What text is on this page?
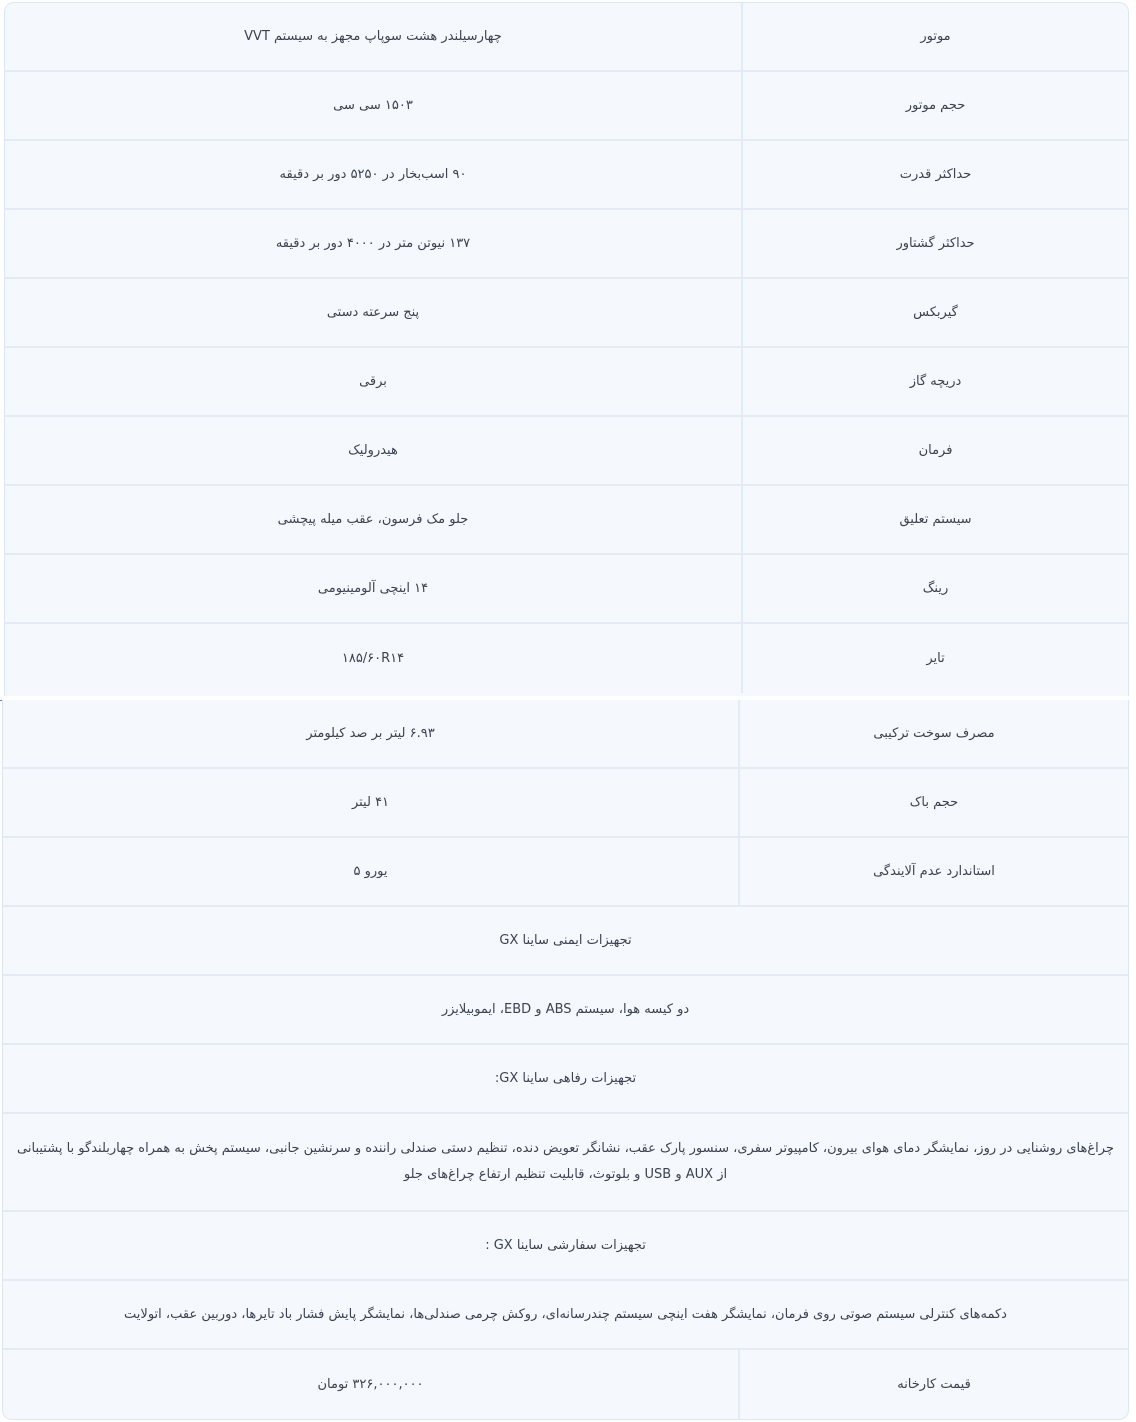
موتور
چهارسیلندر هشت سوپاپ مجهز به سیستم VVT
حجم موتور
۱۵۰۳ سی سی
حداکثر قدرت
۹۰ اسب‌بخار در ۵۲۵۰ دور بر دقیقه
حداکثر گشتاور
۱۳۷ نیوتن متر در ۴۰۰۰ دور بر دقیقه
گیربکس
پنج سرعته دستی
دریچه گاز
برقی
فرمان
هیدرولیک
سیستم تعلیق
جلو مک فرسون، عقب میله پیچشی
رینگ
۱۴ اینچی آلومینیومی
تایر
۱۸۵/۶۰R۱۴
مصرف سوخت ترکیبی
۶.۹۳ لیتر بر صد کیلومتر
حجم باک
۴۱ لیتر
استاندارد عدم آلایندگی
یورو ۵
تجهیزات ایمنی ساینا GX
دو کیسه هوا، سیستم ABS و EBD، ایموبیلایزر
تجهیزات رفاهی ساینا GX:
چراغ‌های روشنایی در روز، نمایشگر دمای هوای بیرون، کامپیوتر سفری، سنسور پارک عقب، نشانگر تعویض دنده، تنظیم دستی صندلی راننده و سرنشین جانبی، سیستم پخش به همراه چهاربلندگو با پشتیبانی از AUX و USB و بلوتوث، قابلیت تنظیم ارتفاع چراغ‌های جلو
تجهیزات سفارشی ساینا GX :
دکمه‌های کنترلی سیستم صوتی روی فرمان، نمایشگر هفت اینچی سیستم چندرسانه‌ای، روکش چرمی صندلی‌ها، نمایشگر پایش فشار باد تایرها، دوربین عقب، اتولایت
قیمت کارخانه
۳۲۶,۰۰۰,۰۰۰ تومان
